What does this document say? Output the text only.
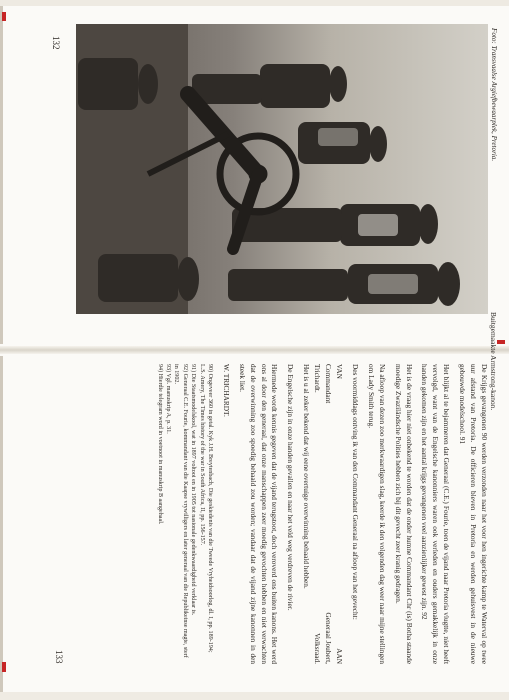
132
Buitgemaakte Armstrong-kanon.
Foto: Transvaalse Argiefbewaarplek, Pretoria.

De Krijgs gevangenen 90 werden verzonden naar het voor hen ingerichte kamp te Waterval op twee uur afstand van Pretoria. De officieren bleven in Pretoria en werden gehuisvest in de nieuwe gebouwde modelschool. 91

Het blijkt al te bejammeren dat Generaal (C.E.) Fourie, toen de vijand naar Pretoria vlugtte, niet heeft vervolgd, want van de Engelsche kanonniers waren ook verleden en ouders gemakkelijk in onze handen gekomen zijn en het aantal krijgs gevangenen veel aanzienlijker gewest zijn. 92

Het is de vraag hier niet onbekend te worden dat de onder humne Commandant Chr (is) Botha staande moedige Zwaziländsche Polities hebben zich bij dit gevecht zeer kranig gedragen.

Na afloop van dezen zoo merkwaardigen slag, keerde ik den volgenden dag weer naar mijne stellingen om Lady Smith terug.

Des voormiddags ontving ik van den Commandant Generaal na afloop van het gevecht:

VAN
Commandant
Trichardt.
AAN
Generaal Joubert,
Volksraad.

Het is u al zeker bekend dat wij eene overtuige overwinning behaald hebben.

De Engelsche zijn in onze handen gevallen en naar het veld weg verdreven de rivier.

Hiermede wordt kennis gegeven dat de vijand terugstoot, doch veroverd ons buiten kanons. Het werd ons al door den generaal, dat onze manschappen zeer moedig gevochten hebben en niet verwachten dat de overwinning zoo spoedig behaald zou worden; vandaar dat de vijand zijne kanonnen in den steek liet.

W. TRICHARDT.
90) Ongeveer 360 in getal. Kyk J.H. Breytenbach, Die geskiedenis van die Tweede Vryheidsoorlog, dl. I, pp. 189-194; L.S. Amery, The Times history of the war in South Africa, II, pp. 156-157.
91) Die Staatsmodelskool, wat in 1897 voltooi en in 1905 tot nasionale gedenkwaardigheid verklaar is.
92) Generaal C.E. Fourie, kommandant van die Kaapse vrywilligers en later generaal van die Republikeinse magte, sterf in 1902.
93) Vgl. manuskrip A, p. 31.
94) Hierdie telegram word in voetnoot in manuskrip B aangehaal.
133
